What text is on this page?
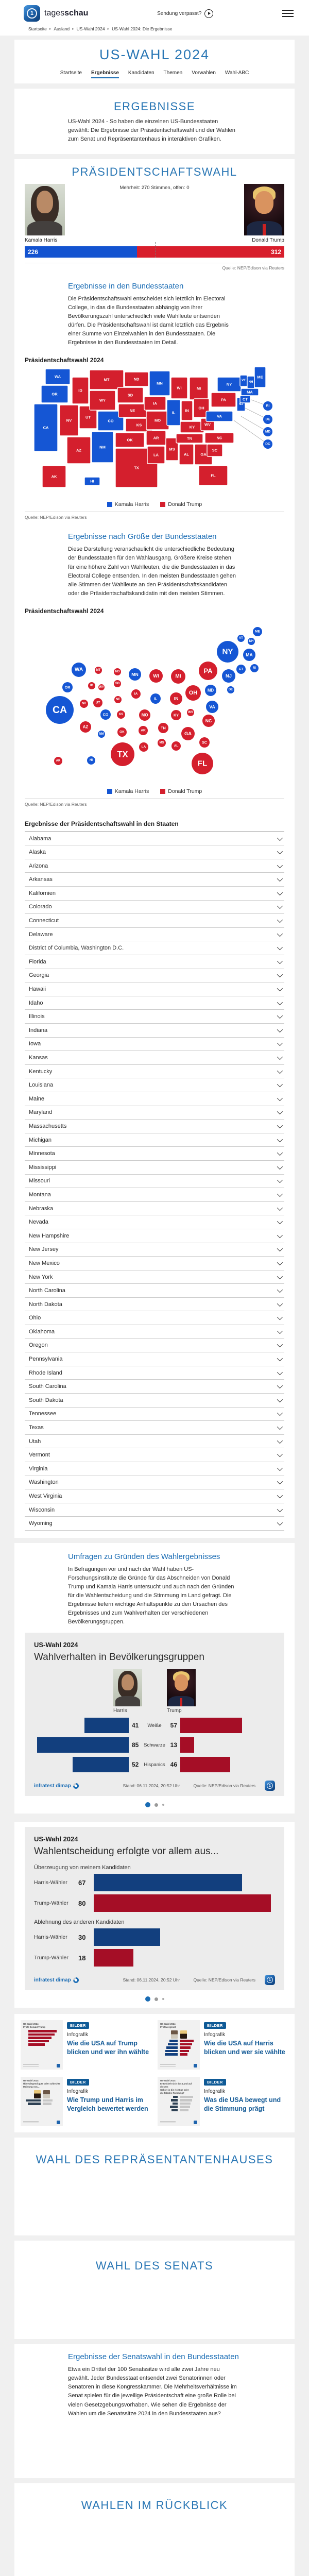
1
tagesschau	Sendung verpasst?
Startseite ▸ Ausland ▸ US-Wahl 2024 ▸ US-Wahl 2024: Die Ergebnisse
US-WAHL 2024
Startseite Ergebnisse Kandidaten Themen Vorwahlen Wahl-ABC
ERGEBNISSE
US-Wahl 2024 - So haben die einzelnen US-Bundesstaaten gewählt: Die Ergebnisse der Präsidentschaftswahl und der Wahlen zum Senat und Repräsentantenhaus in interaktiven Grafiken.
PRÄSIDENTSCHAFTSWAHL
Mehrheit: 270 Stimmen, offen: 0
Kamala Harris	Donald Trump
226	312
Quelle: NEP/Edison via Reuters
Ergebnisse in den Bundesstaaten
Die Präsidentschaftswahl entscheidet sich letztlich im Electoral College, in das die Bundesstaaten abhängig von ihrer Bevölkerungszahl unterschiedlich viele Wahlleute entsenden dürfen. Die Präsidentschaftswahl ist damit letztlich das Ergebnis einer Summe von Einzelwahlen in den Bundesstaaten. Die Ergebnisse in den Bundesstaaten im Detail.
Präsidentschaftswahl 2024
WA
OR
CA
ID
NV
UT
AZ
MT
WY
CO
NM
ND
SD
NE
KS
OK
TX
MN
IA
MO
AR
LA
WI
IL
MS
MI
IN
KY
TN
AL
OH
WV
GA
FL
PA
VA
NC
SC
NY
NJ
ME
VT NH
MA
CT
AK
HI
RI
DE
MD
DC
Kamala Harris	Donald Trump
Quelle: NEP/Edison via Reuters
Ergebnisse nach Größe der Bundesstaaten
Diese Darstellung veranschaulicht die unterschiedliche Bedeutung der Bundesstaaten für den Wahlausgang. Größere Kreise stehen für eine höhere Zahl von Wahlleuten, die die Bundesstaaten in das Electoral College entsenden. In den meisten Bundesstaaten gehen alle Stimmen der Wahlleute an den Präsidentschaftskandidaten oder die Präsidentschaftskandidatin mit den meisten Stimmen.
Präsidentschaftswahl 2024
ME
VT
NH
NY	MA
WA	MT	ND	MN	WI	MI
PA
NJ
CT	RI
OR	ID WY
SD
IA
IL	IN
OH MD	DE
CA
NV	UT
NE
VA
CO	KS	MO	KY
WV
NC
AZ
NM
OK	AR
TN
GA
SC
MS
AL
LA
TX
FL
AK	HI
Kamala Harris	Donald Trump
Quelle: NEP/Edison via Reuters
Ergebnisse der Präsidentschaftswahl in den Staaten
Alabama
Alaska
Arizona
Arkansas
Kalifornien
Colorado
Connecticut
Delaware
District of Columbia, Washington D.C.
Florida
Georgia
Hawaii
Idaho
Illinois
Indiana
Iowa
Kansas
Kentucky
Louisiana
Maine
Maryland
Massachusetts
Michigan
Minnesota
Mississippi
Missouri
Montana
Nebraska
Nevada
New Hampshire
New Jersey
New Mexico
New York
North Carolina
North Dakota
Ohio
Oklahoma
Oregon
Pennsylvania
Rhode Island
South Carolina
South Dakota
Tennessee
Texas
Utah
Vermont
Virginia
Washington
West Virginia
Wisconsin
Wyoming
Umfragen zu Gründen des Wahlergebnisses
In Befragungen vor und nach der Wahl haben US-Forschungsinstitute die Gründe für das Abschneiden von Donald Trump und Kamala Harris untersucht und auch nach den Gründen für die Wahlentscheidung und die Stimmung im Land gefragt. Die Ergebnisse liefern wichtige Anhaltspunkte zu den Ursachen des Ergebnisses und zum Wahlverhalten der verschiedenen Bevölkerungsgruppen.
US-Wahl 2024
Wahlverhalten in Bevölkerungsgruppen
Harris	Trump
41 Weiße 57
85 Schwarze 13
52 Hispanics 46
infratest dimap	Stand: 06.11.2024, 20:52 Uhr	Quelle: NEP/Edison via Reuters
1
US-Wahl 2024
Wahlentscheidung erfolgte vor allem aus...
Überzeugung von meinem Kandidaten
Harris-Wähler	67
Trump-Wähler	80
Ablehnung des anderen Kandidaten
Harris-Wähler	30
Trump-Wähler	18
infratest dimap	Stand: 06.11.2024, 20:52 Uhr	Quelle: NEP/Edison via Reuters
1
US-Wahl 2024
Profil Donald Trump	BILDER
Infografik
Wie die USA auf Trump blicken und wer ihn wählte
US-Wahl 2024
Profilvergleich	BILDER
Infografik
Wie die USA auf Harris blicken und wer sie wählte
US-Wahl 2024
Überwiegend gute oder schlechte
Meinung von...
BILDER
Infografik
Wie Trump und Harris im Vergleich bewertet werden
US-Wahl 2024
Entwickelt sich das Land auf diesem
Gebiet in die richtige oder
die falsche Richtung?
BILDER
Infografik
Was die USA bewegt und die Stimmung prägt
WAHL DES REPRÄSENTANTENHAUSES
WAHL DES SENATS
Ergebnisse der Senatswahl in den Bundesstaaten
Etwa ein Drittel der 100 Senatssitze wird alle zwei Jahre neu gewählt. Jeder Bundesstaat entsendet zwei Senatorinnen oder Senatoren in diese Kongresskammer. Die Mehrheitsverhältnisse im Senat spielen für die jeweilige Präsidentschaft eine große Rolle bei vielen Gesetzgebungsvorhaben. Wie sehen die Ergebnisse der Wahlen um die Senatssitze 2024 in den Bundesstaaten aus?
WAHLEN IM RÜCKBLICK
